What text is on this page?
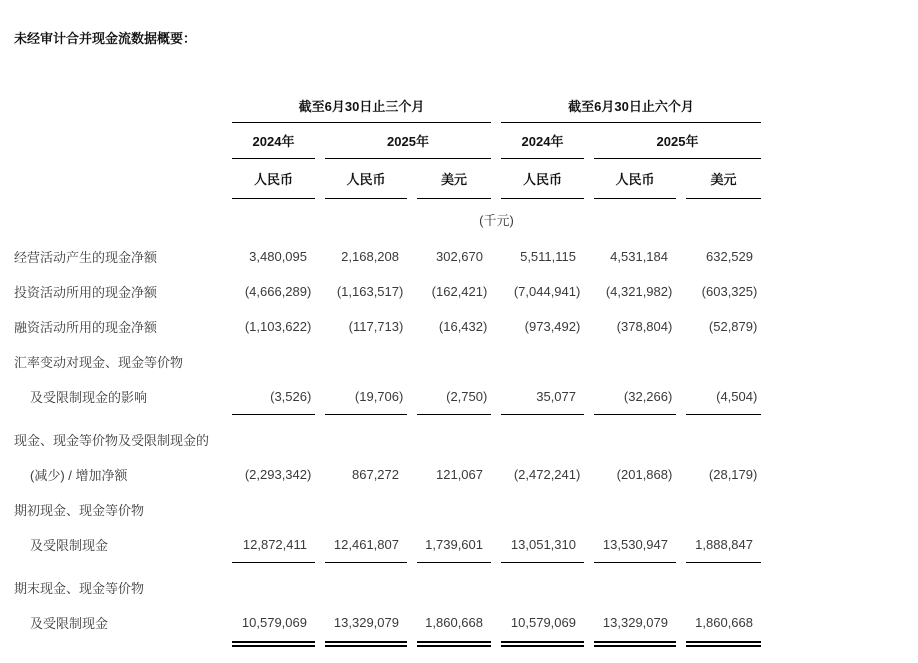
未经审计合并现金流数据概要：
截至6月30日止三个月	截至6月30日止六个月
2024年	2025年	2024年	2025年
人民币	人民币	美元	人民币	人民币	美元
(千元)
经营活动产生的现金净额	3,480,095	2,168,208	302,670	5,511,115	4,531,184	632,529
投资活动所用的现金净额	(4,666,289 ) (1,163,517 ) (162,421 ) (7,044,941 ) (4,321,982 ) (603,325 )
融资活动所用的现金净额	(1,103,622 )	(117,713 )	(16,432 )	(973,492 )	(378,804 )	(52,879 )
汇率变动对现金、现金等价物
及受限制现金的影响	(3,526 )	(19,706 )	(2,750 )	35,077	(32,266 )	(4,504 )
现金、现金等价物及受限制现金的
(减少) / 增加净额	(2,293,342 )	867,272	121,067	(2,472,241 )	(201,868 )	(28,179 )
期初现金、现金等价物
及受限制现金	12,872,411	12,461,807	1,739,601	13,051,310	13,530,947	1,888,847
期末现金、现金等价物
及受限制现金	10,579,069	13,329,079	1,860,668	10,579,069	13,329,079	1,860,668
